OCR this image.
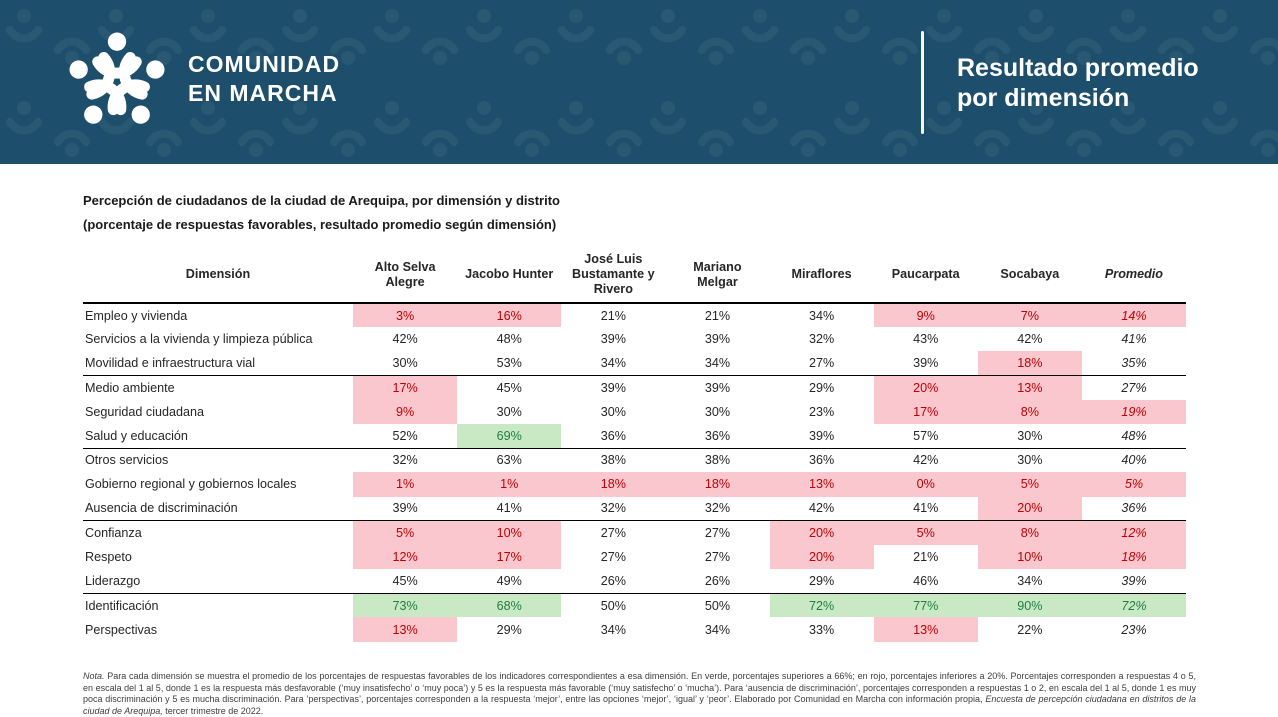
COMUNIDAD
EN MARCHA
Resultado promedio
por dimensión
Percepción de ciudadanos de la ciudad de Arequipa, por dimensión y distrito
(porcentaje de respuestas favorables, resultado promedio según dimensión)
Dimensión	Alto Selva Alegre	Jacobo Hunter	José Luis Bustamante y Rivero	Mariano Melgar	Miraflores	Paucarpata	Socabaya	Promedio
Empleo y vivienda	3%	16%	21%	21%	34%	9%	7%	14%
Servicios a la vivienda y limpieza pública	42%	48%	39%	39%	32%	43%	42%	41%
Movilidad e infraestructura vial	30%	53%	34%	34%	27%	39%	18%	35%
Medio ambiente	17%	45%	39%	39%	29%	20%	13%	27%
Seguridad ciudadana	9%	30%	30%	30%	23%	17%	8%	19%
Salud y educación	52%	69%	36%	36%	39%	57%	30%	48%
Otros servicios	32%	63%	38%	38%	36%	42%	30%	40%
Gobierno regional y gobiernos locales	1%	1%	18%	18%	13%	0%	5%	5%
Ausencia de discriminación	39%	41%	32%	32%	42%	41%	20%	36%
Confianza	5%	10%	27%	27%	20%	5%	8%	12%
Respeto	12%	17%	27%	27%	20%	21%	10%	18%
Liderazgo	45%	49%	26%	26%	29%	46%	34%	39%
Identificación	73%	68%	50%	50%	72%	77%	90%	72%
Perspectivas	13%	29%	34%	34%	33%	13%	22%	23%

Nota. Para cada dimensión se muestra el promedio de los porcentajes de respuestas favorables de los indicadores correspondientes a esa dimensión. En verde, porcentajes superiores a 66%; en rojo, porcentajes inferiores a 20%. Porcentajes corresponden a respuestas 4 o 5, en escala del 1 al 5, donde 1 es la respuesta más desfavorable (‘muy insatisfecho’ o ‘muy poca’) y 5 es la respuesta más favorable (‘muy satisfecho’ o ‘mucha’). Para ‘ausencia de discriminación’, porcentajes corresponden a respuestas 1 o 2, en escala del 1 al 5, donde 1 es muy poca discriminación y 5 es mucha discriminación. Para ‘perspectivas’, porcentajes corresponden a la respuesta ‘mejor’, entre las opciones ‘mejor’, ‘igual’ y ‘peor’. Elaborado por Comunidad en Marcha con información propia, Encuesta de percepción ciudadana en distritos de la ciudad de Arequipa, tercer trimestre de 2022.
